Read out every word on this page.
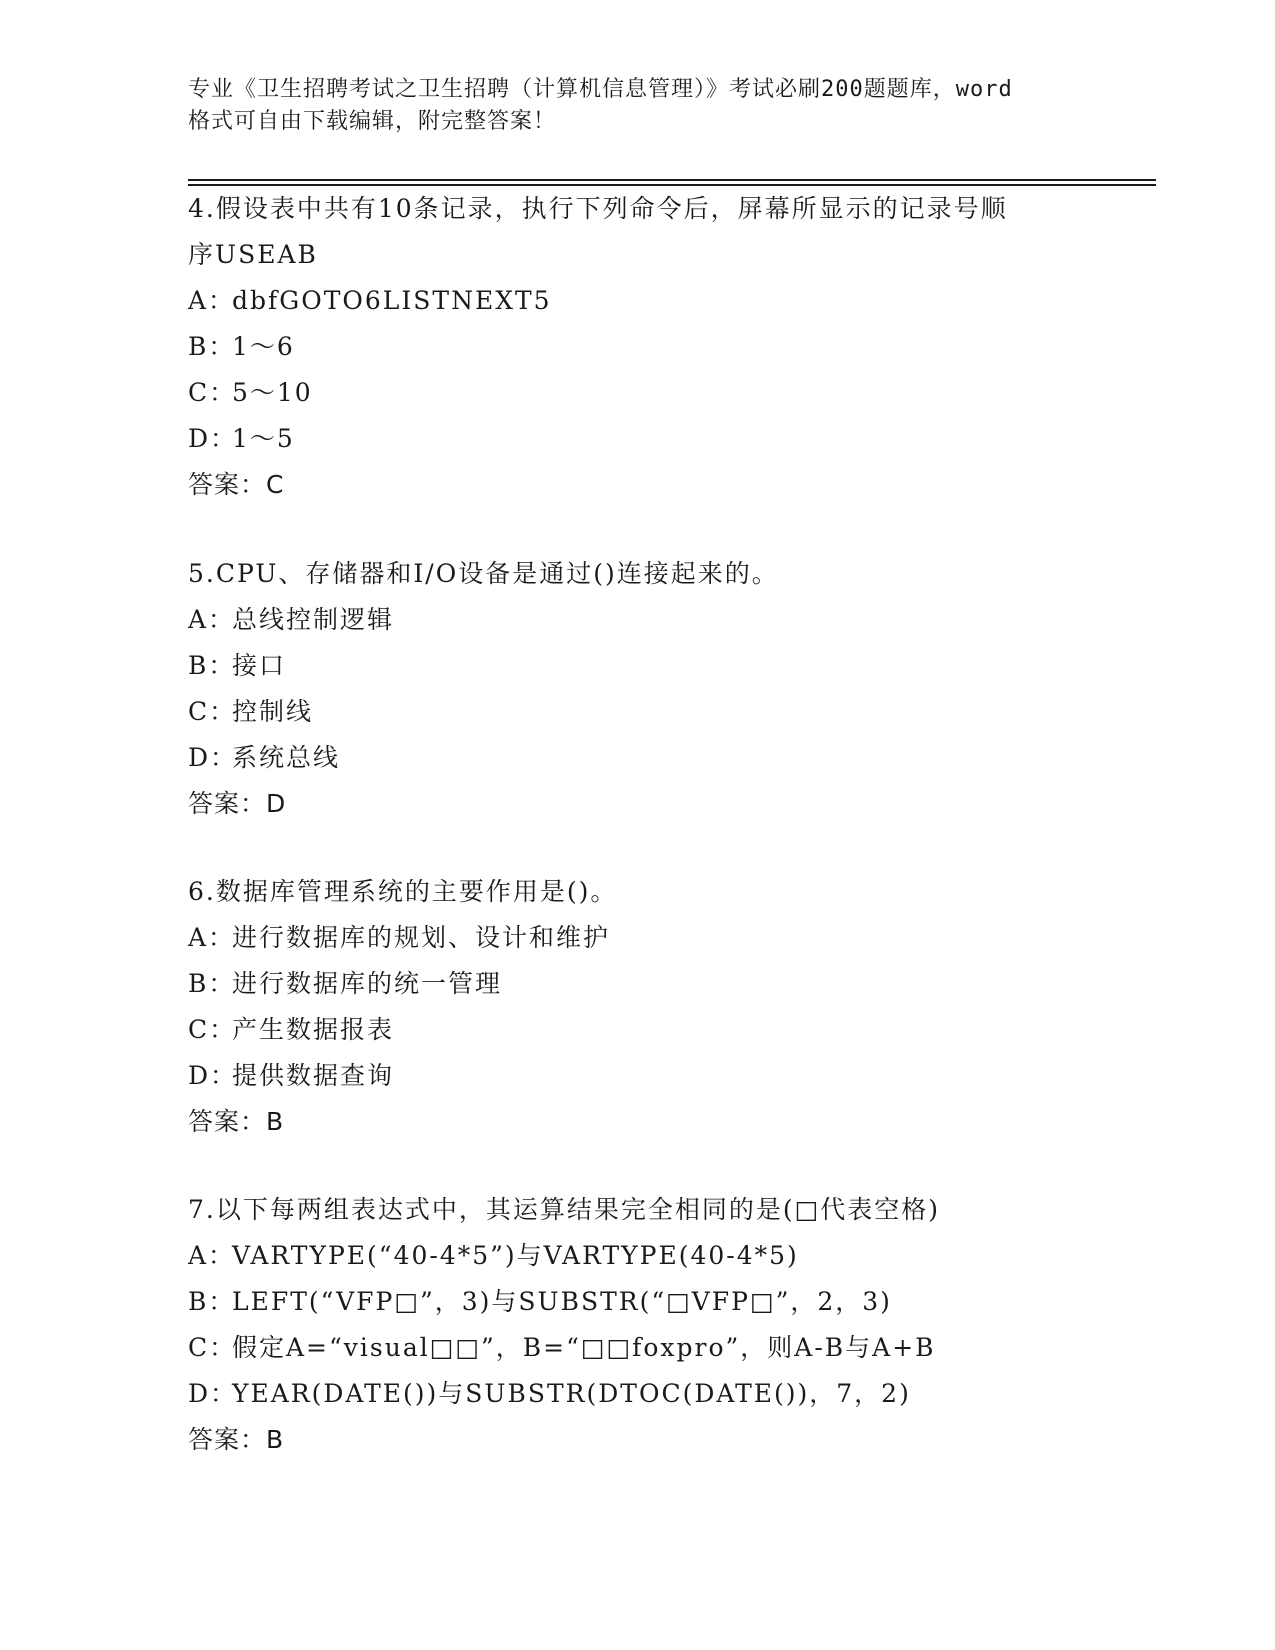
专业《卫生招聘考试之卫生招聘（计算机信息管理）》考试必刷200题题库，word
格式可自由下载编辑，附完整答案！
4.假设表中共有10条记录，执行下列命令后，屏幕所显示的记录号顺
序USEAB
A：dbfGOTO6LISTNEXT5
B：1～6
C：5～10
D：1～5
答案：C
5.CPU、存储器和I/O设备是通过()连接起来的。
A：总线控制逻辑
B：接口
C：控制线
D：系统总线
答案：D
6.数据库管理系统的主要作用是()。
A：进行数据库的规划、设计和维护
B：进行数据库的统一管理
C：产生数据报表
D：提供数据查询
答案：B
7.以下每两组表达式中，其运算结果完全相同的是(□代表空格)
A：VARTYPE(“40-4*5”)与VARTYPE(40-4*5)
B：LEFT(“VFP□”，3)与SUBSTR(“□VFP□”，2，3)
C：假定A=“visual□□”，B=“□□foxpro”，则A-B与A+B
D：YEAR(DATE())与SUBSTR(DTOC(DATE())，7，2)
答案：B
